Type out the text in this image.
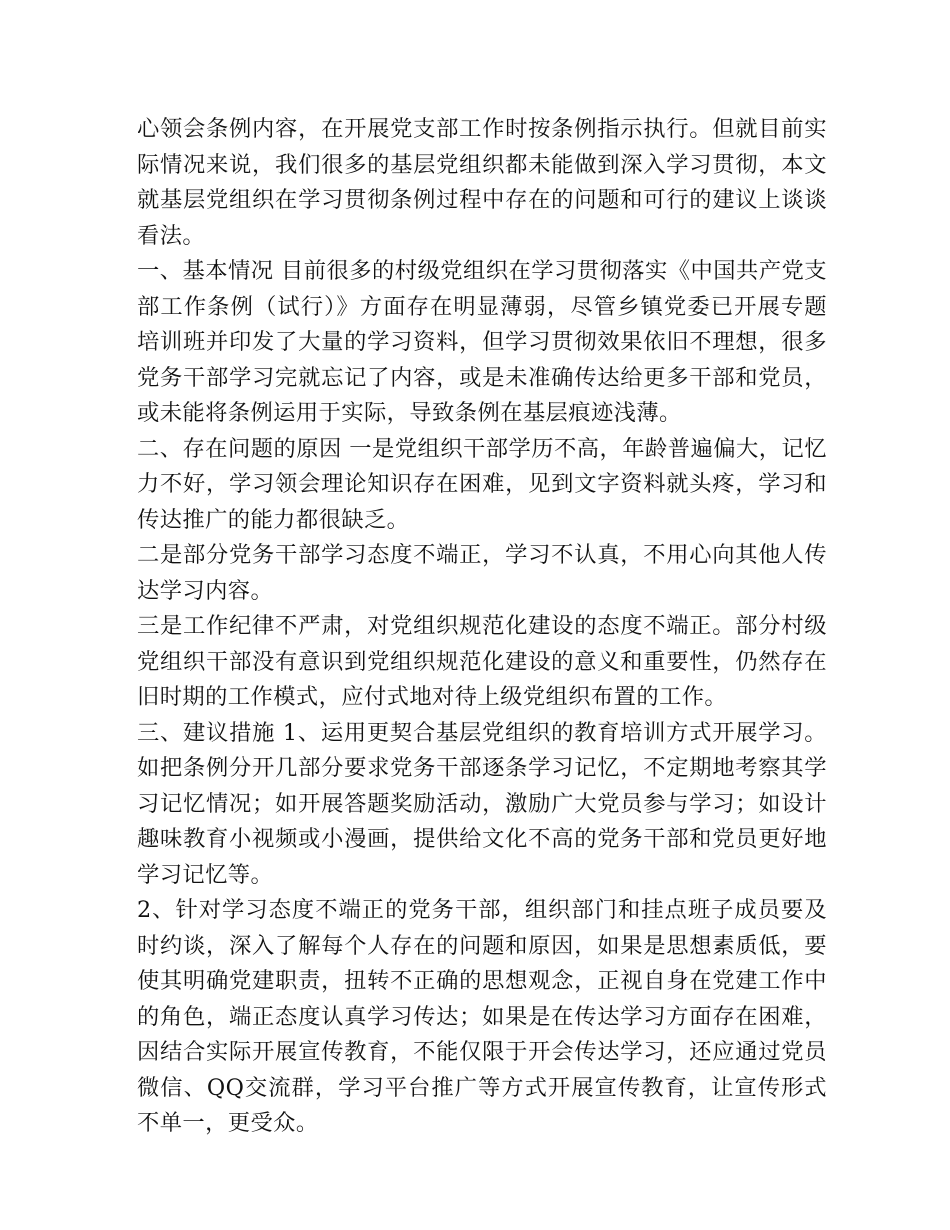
心领会条例内容，在开展党支部工作时按条例指示执行。但就目前实际情况来说，我们很多的基层党组织都未能做到深入学习贯彻，本文就基层党组织在学习贯彻条例过程中存在的问题和可行的建议上谈谈看法。

一、基本情况 目前很多的村级党组织在学习贯彻落实《中国共产党支部工作条例（试行）》方面存在明显薄弱，尽管乡镇党委已开展专题培训班并印发了大量的学习资料，但学习贯彻效果依旧不理想，很多党务干部学习完就忘记了内容，或是未准确传达给更多干部和党员，或未能将条例运用于实际，导致条例在基层痕迹浅薄。

二、存在问题的原因 一是党组织干部学历不高，年龄普遍偏大，记忆力不好，学习领会理论知识存在困难，见到文字资料就头疼，学习和传达推广的能力都很缺乏。

二是部分党务干部学习态度不端正，学习不认真，不用心向其他人传达学习内容。

三是工作纪律不严肃，对党组织规范化建设的态度不端正。部分村级党组织干部没有意识到党组织规范化建设的意义和重要性，仍然存在旧时期的工作模式，应付式地对待上级党组织布置的工作。

三、建议措施 1、运用更契合基层党组织的教育培训方式开展学习。如把条例分开几部分要求党务干部逐条学习记忆，不定期地考察其学习记忆情况；如开展答题奖励活动，激励广大党员参与学习；如设计趣味教育小视频或小漫画，提供给文化不高的党务干部和党员更好地学习记忆等。

2、针对学习态度不端正的党务干部，组织部门和挂点班子成员要及时约谈，深入了解每个人存在的问题和原因，如果是思想素质低，要使其明确党建职责，扭转不正确的思想观念，正视自身在党建工作中的角色，端正态度认真学习传达；如果是在传达学习方面存在困难，因结合实际开展宣传教育，不能仅限于开会传达学习，还应通过党员微信、QQ交流群，学习平台推广等方式开展宣传教育，让宣传形式不单一，更受众。
